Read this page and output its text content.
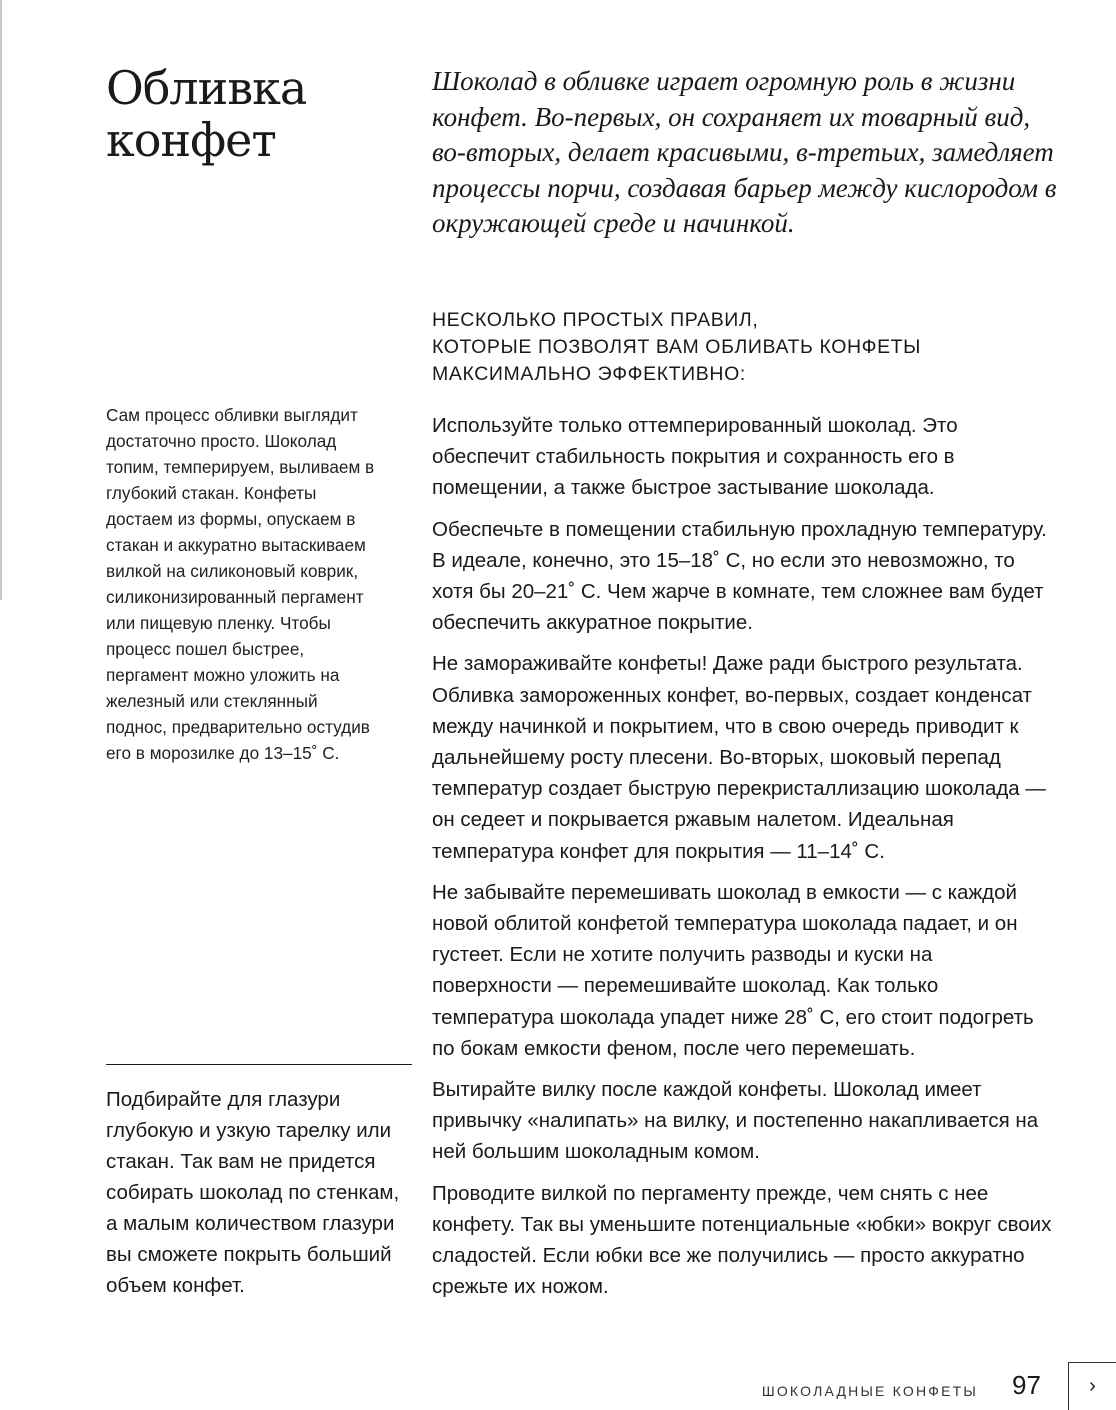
Обливка
конфет

Шоколад в обливке играет огромную роль в жизни конфет. Во-первых, он сохраняет их товарный вид, во-вторых, делает красивыми, в-третьих, замедляет процессы порчи, создавая барьер между кислородом в окружающей среде и начинкой.

НЕСКОЛЬКО ПРОСТЫХ ПРАВИЛ,
КОТОРЫЕ ПОЗВОЛЯТ ВАМ ОБЛИВАТЬ КОНФЕТЫ
МАКСИМАЛЬНО ЭФФЕКТИВНО:

Сам процесс обливки выглядит достаточно просто. Шоколад топим, темперируем, выливаем в глубокий стакан. Конфеты достаем из формы, опускаем в стакан и аккуратно вытаскиваем вилкой на силиконовый коврик, силиконизированный пергамент или пищевую пленку. Чтобы процесс пошел быстрее, пергамент можно уложить на железный или стеклянный поднос, предварительно остудив его в морозилке до 13–15˚ С.

Подбирайте для глазури глубокую и узкую тарелку или стакан. Так вам не придется собирать шоколад по стенкам, а малым количеством глазури вы сможете покрыть больший объем конфет.

Используйте только оттемперированный шоколад. Это обеспечит стабильность покрытия и сохранность его в помещении, а также быстрое застывание шоколада.
Обеспечьте в помещении стабильную прохладную температуру. В идеале, конечно, это 15–18˚ С, но если это невозможно, то хотя бы 20–21˚ С. Чем жарче в комнате, тем сложнее вам будет обеспечить аккуратное покрытие.
Не замораживайте конфеты! Даже ради быстрого результата. Обливка замороженных конфет, во-первых, создает конденсат между начинкой и покрытием, что в свою очередь приводит к дальнейшему росту плесени. Во-вторых, шоковый перепад температур создает быструю перекристаллизацию шоколада — он седеет и покрывается ржавым налетом. Идеальная температура конфет для покрытия — 11–14˚ С.
Не забывайте перемешивать шоколад в емкости — с каждой новой облитой конфетой температура шоколада падает, и он густеет. Если не хотите получить разводы и куски на поверхности — перемешивайте шоколад. Как только температура шоколада упадет ниже 28˚ С, его стоит подогреть по бокам емкости феном, после чего перемешать.
Вытирайте вилку после каждой конфеты. Шоколад имеет привычку «налипать» на вилку, и постепенно накапливается на ней большим шоколадным комом.
Проводите вилкой по пергаменту прежде, чем снять с нее конфету. Так вы уменьшите потенциальные «юбки» вокруг своих сладостей. Если юбки все же получились — просто аккуратно срежьте их ножом.
ШОКОЛАДНЫЕ КОНФЕТЫ 97 ›
